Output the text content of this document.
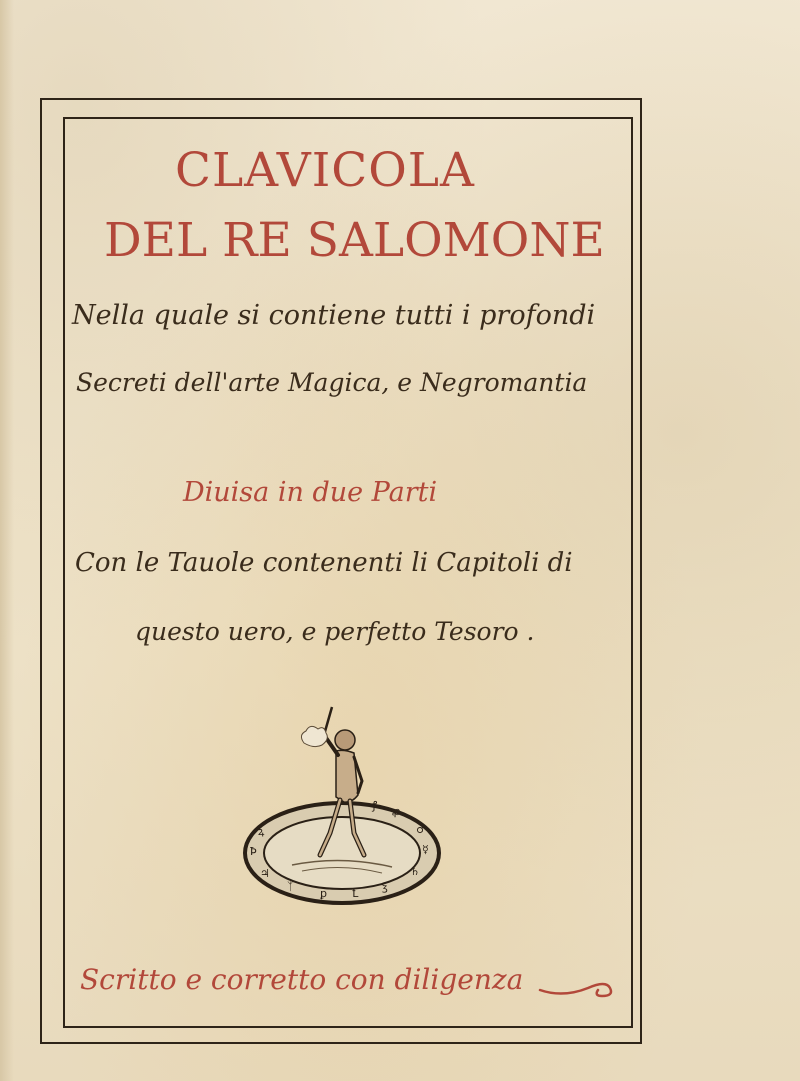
CLAVICOLA
DEL RE SALOMONE
Nella quale si contiene tutti i profondi
Secreti dell'arte Magica, e Negromantia
Diuisa in due Parti
Con le Tauole contenenti li Capitoli di
questo uero, e perfetto Tesoro .
ꝝ
Ꝥ
♃
ᛉ
ꝑ Ꝉ
ꝣ
♄
☿
♂
ꝓ
ꝭ
Scritto e corretto con diligenza
